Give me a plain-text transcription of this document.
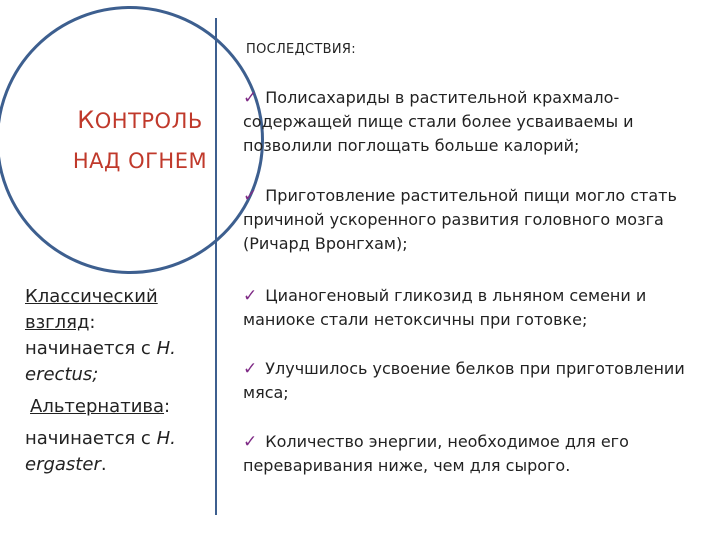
КОНТРОЛЬ
НАД ОГНЕМ
ПОСЛЕДСТВИЯ:
✓ Полисахариды в растительной крахмало-содержащей пище стали более усваиваемы и позволили поглощать больше калорий;
✓ Приготовление растительной пищи могло стать причиной ускоренного развития головного мозга (Ричард Вронгхам);
✓ Цианогеновый гликозид в льняном семени и маниоке стали нетоксичны при готовке;
✓ Улучшилось усвоение белков при приготовлении мяса;
✓ Количество энергии, необходимое для его переваривания ниже, чем для сырого.
Классический взгляд: начинается с H. erectus;
Альтернатива:
начинается с H. ergaster.
